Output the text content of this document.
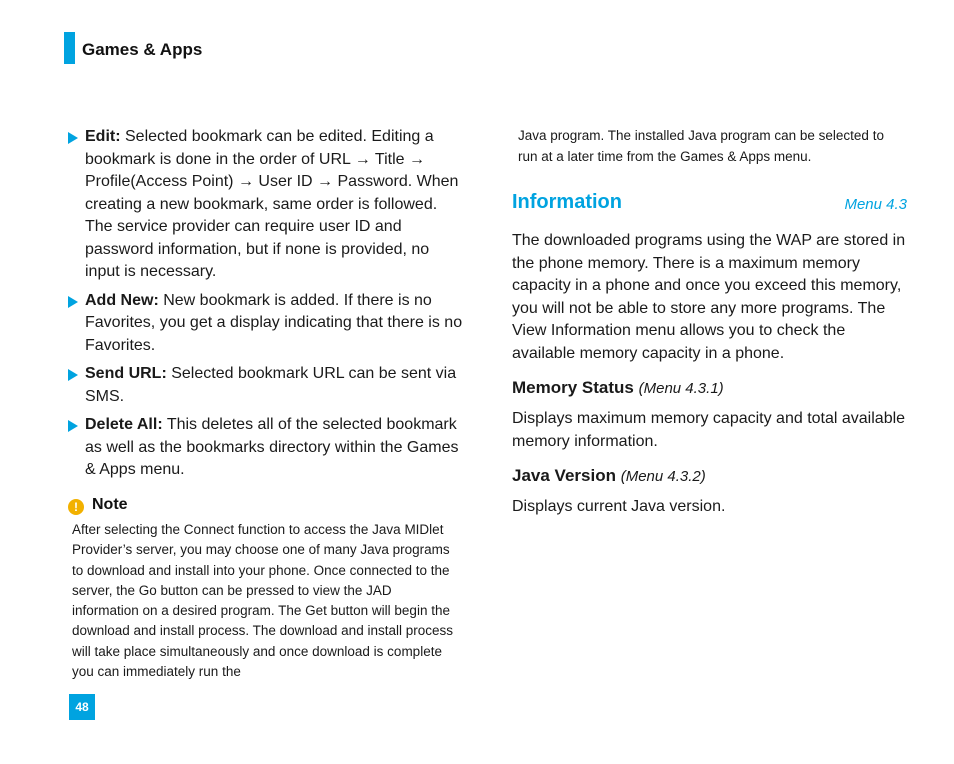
Games & Apps
Edit: Selected bookmark can be edited. Editing a bookmark is done in the order of URL → Title → Profile(Access Point) → User ID → Password. When creating a new bookmark, same order is followed. The service provider can require user ID and password information, but if none is provided, no input is necessary.
Add New: New bookmark is added. If there is no Favorites, you get a display indicating that there is no Favorites.
Send URL: Selected bookmark URL can be sent via SMS.
Delete All: This deletes all of the selected bookmark as well as the bookmarks directory within the Games & Apps menu.
! Note
After selecting the Connect function to access the Java MIDlet Provider’s server, you may choose one of many Java programs to download and install into your phone. Once connected to the server, the Go button can be pressed to view the JAD information on a desired program. The Get button will begin the download and install process. The download and install process will take place simultaneously and once download is complete you can immediately run the
48
Java program. The installed Java program can be selected to run at a later time from the Games & Apps menu.
Information	Menu 4.3
The downloaded programs using the WAP are stored in the phone memory. There is a maximum memory capacity in a phone and once you exceed this memory, you will not be able to store any more programs. The View Information menu allows you to check the available memory capacity in a phone.
Memory Status (Menu 4.3.1)
Displays maximum memory capacity and total available memory information.
Java Version (Menu 4.3.2)
Displays current Java version.
